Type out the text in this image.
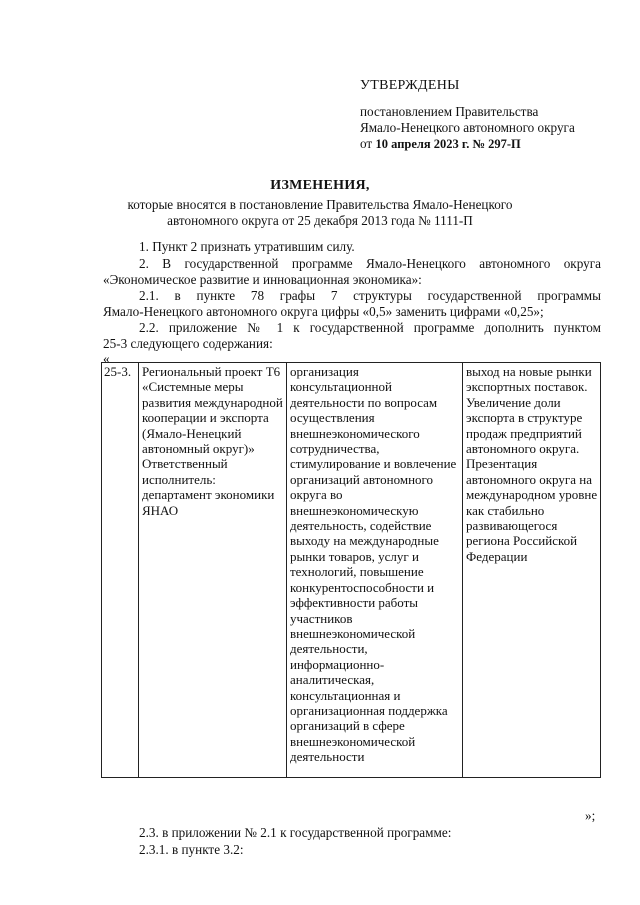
УТВЕРЖДЕНЫ
постановлением Правительства
Ямало-Ненецкого автономного округа
от 10 апреля 2023 г. № 297-П
ИЗМЕНЕНИЯ,
которые вносятся в постановление Правительства Ямало-Ненецкого
автономного округа от 25 декабря 2013 года № 1111-П
1. Пункт 2 признать утратившим силу.
2. В государственной программе Ямало-Ненецкого автономного округа
«Экономическое развитие и инновационная экономика»:
2.1. в пункте 78 графы 7 структуры государственной программы
Ямало-Ненецкого автономного округа цифры «0,5» заменить цифрами «0,25»;
2.2. приложение № 1 к государственной программе дополнить пунктом
25-3 следующего содержания:
«
25-3.	Региональный проект Т6 «Системные меры развития международной кооперации и экспорта (Ямало-Ненецкий автономный округ)» Ответственный исполнитель: департамент экономики ЯНАО	организация консультационной деятельности по вопросам осуществления внешнеэкономического сотрудничества, стимулирование и вовлечение организаций автономного округа во внешнеэкономическую деятельность, содействие выходу на международные рынки товаров, услуг и технологий, повышение конкурентоспособности и эффективности работы участников внешнеэкономической деятельности, информационно-аналитическая, консультационная и организационная поддержка организаций в сфере внешнеэкономической деятельности	выход на новые рынки экспортных поставок. Увеличение доли экспорта в структуре продаж предприятий автономного округа. Презентация автономного округа на международном уровне как стабильно развивающегося региона Российской Федерации
»;
2.3. в приложении № 2.1 к государственной программе:
2.3.1. в пункте 3.2:
